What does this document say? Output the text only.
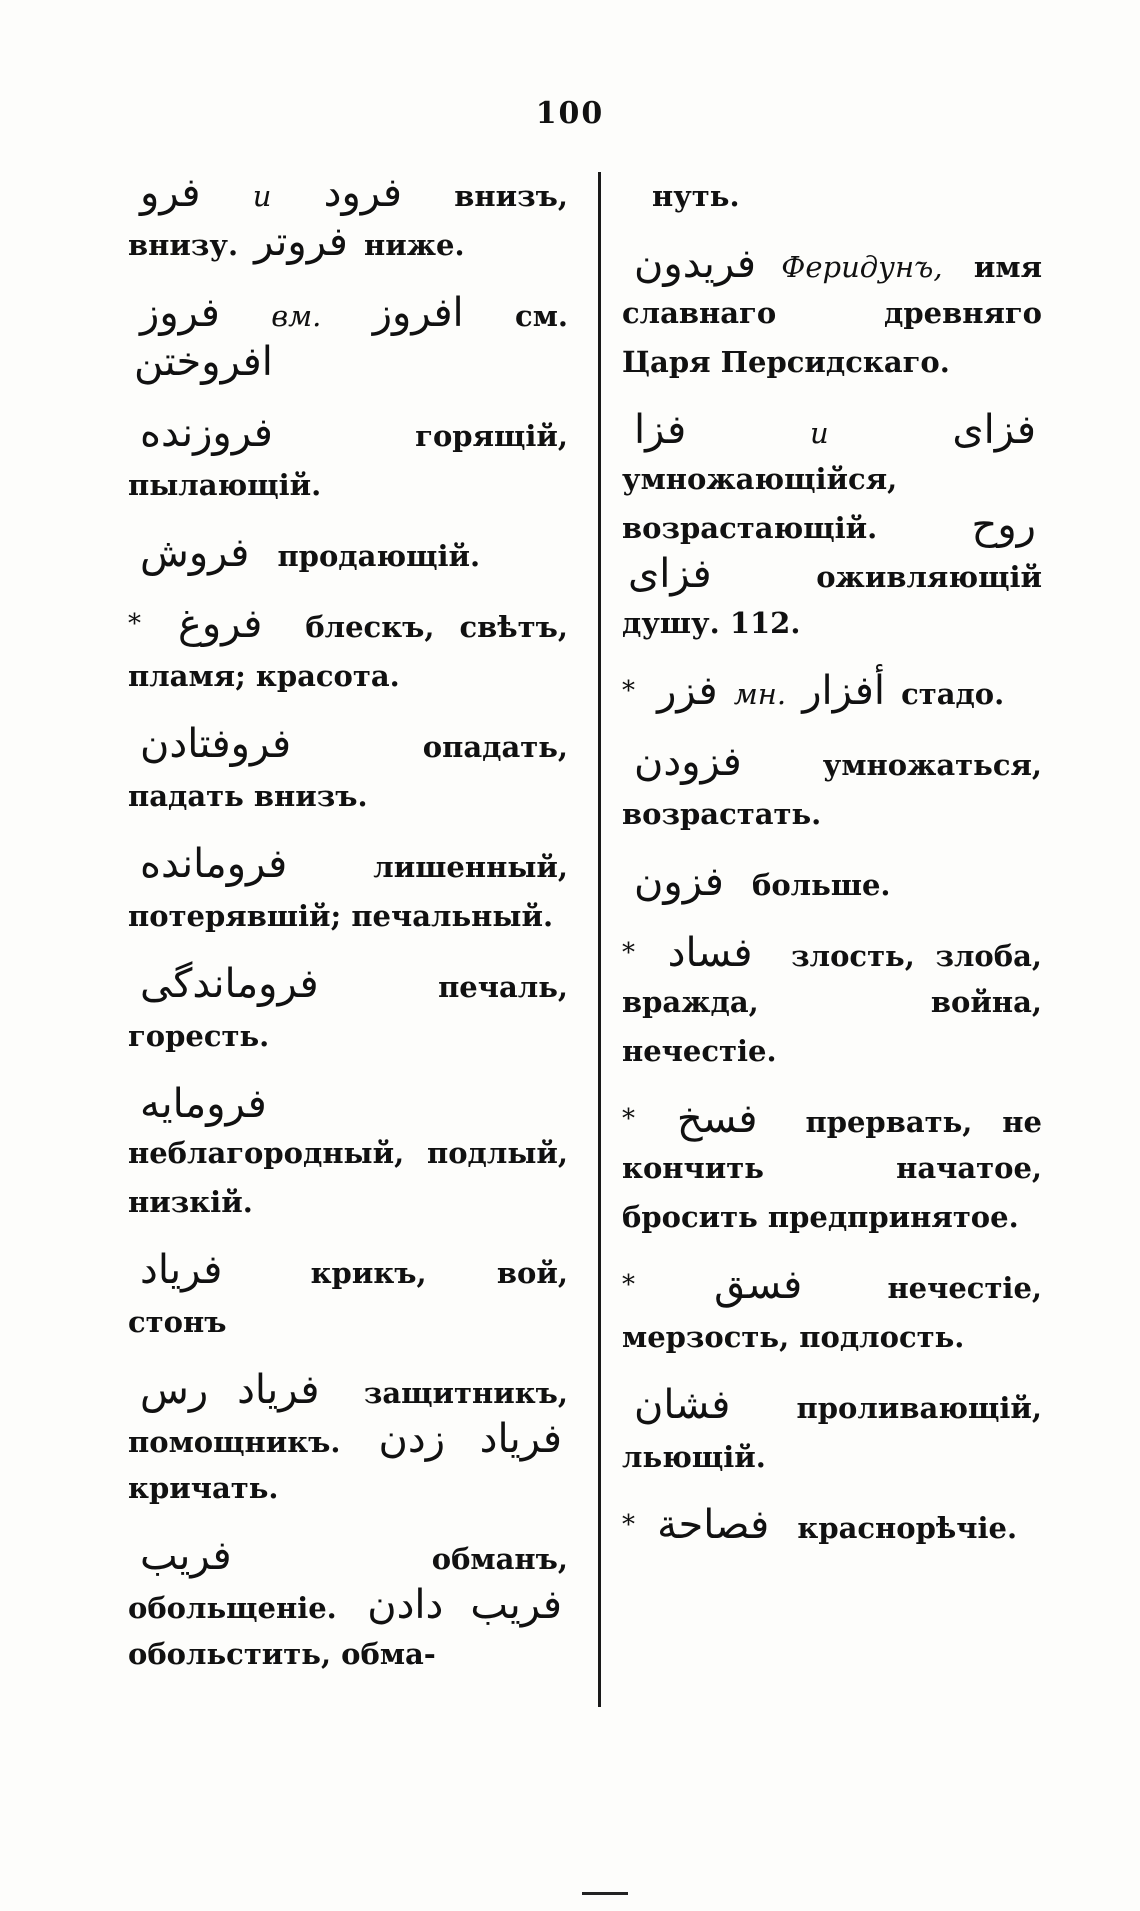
100
فرو и فرود внизъ, внизу. فروتر ниже.
فروز вм. افروز см. افروختن
فروزنده	горящій, пылающій.
فروش продающій.
* فروغ блескъ, свѣтъ, пламя; красота.
فروفتادن	опадать, падать внизъ.
فرومانده	лишенный, потерявшій; печальный.
فروماندگی	печаль, горесть.
فرومایه неблагородный, подлый, низкій.
فریاد	крикъ, вой, стонъ
فریاد رس защитникъ, помощникъ. فریاد زدن кричать.
فریب	обманъ, обольщеніе. فریب دادن обольстить, обма-
нуть.
فریدون Феридунъ, имя славнаго древняго Царя Персидскаго.
فزا	и	فزای умножающійся, возрастающій. روح فزای	оживляющій душу. 112.
* فزر мн. أفزار стадо.
فزودن	умножаться, возрастать.
فزون больше.
* فساد злость, злоба, вражда, война, нечестіе.
* فسخ прервать, не кончить начатое, бросить предпринятое.
* فسق	нечестіе, мерзость, подлость.
فشان проливающій, льющій.
* فصاحة краснорѣчіе.
